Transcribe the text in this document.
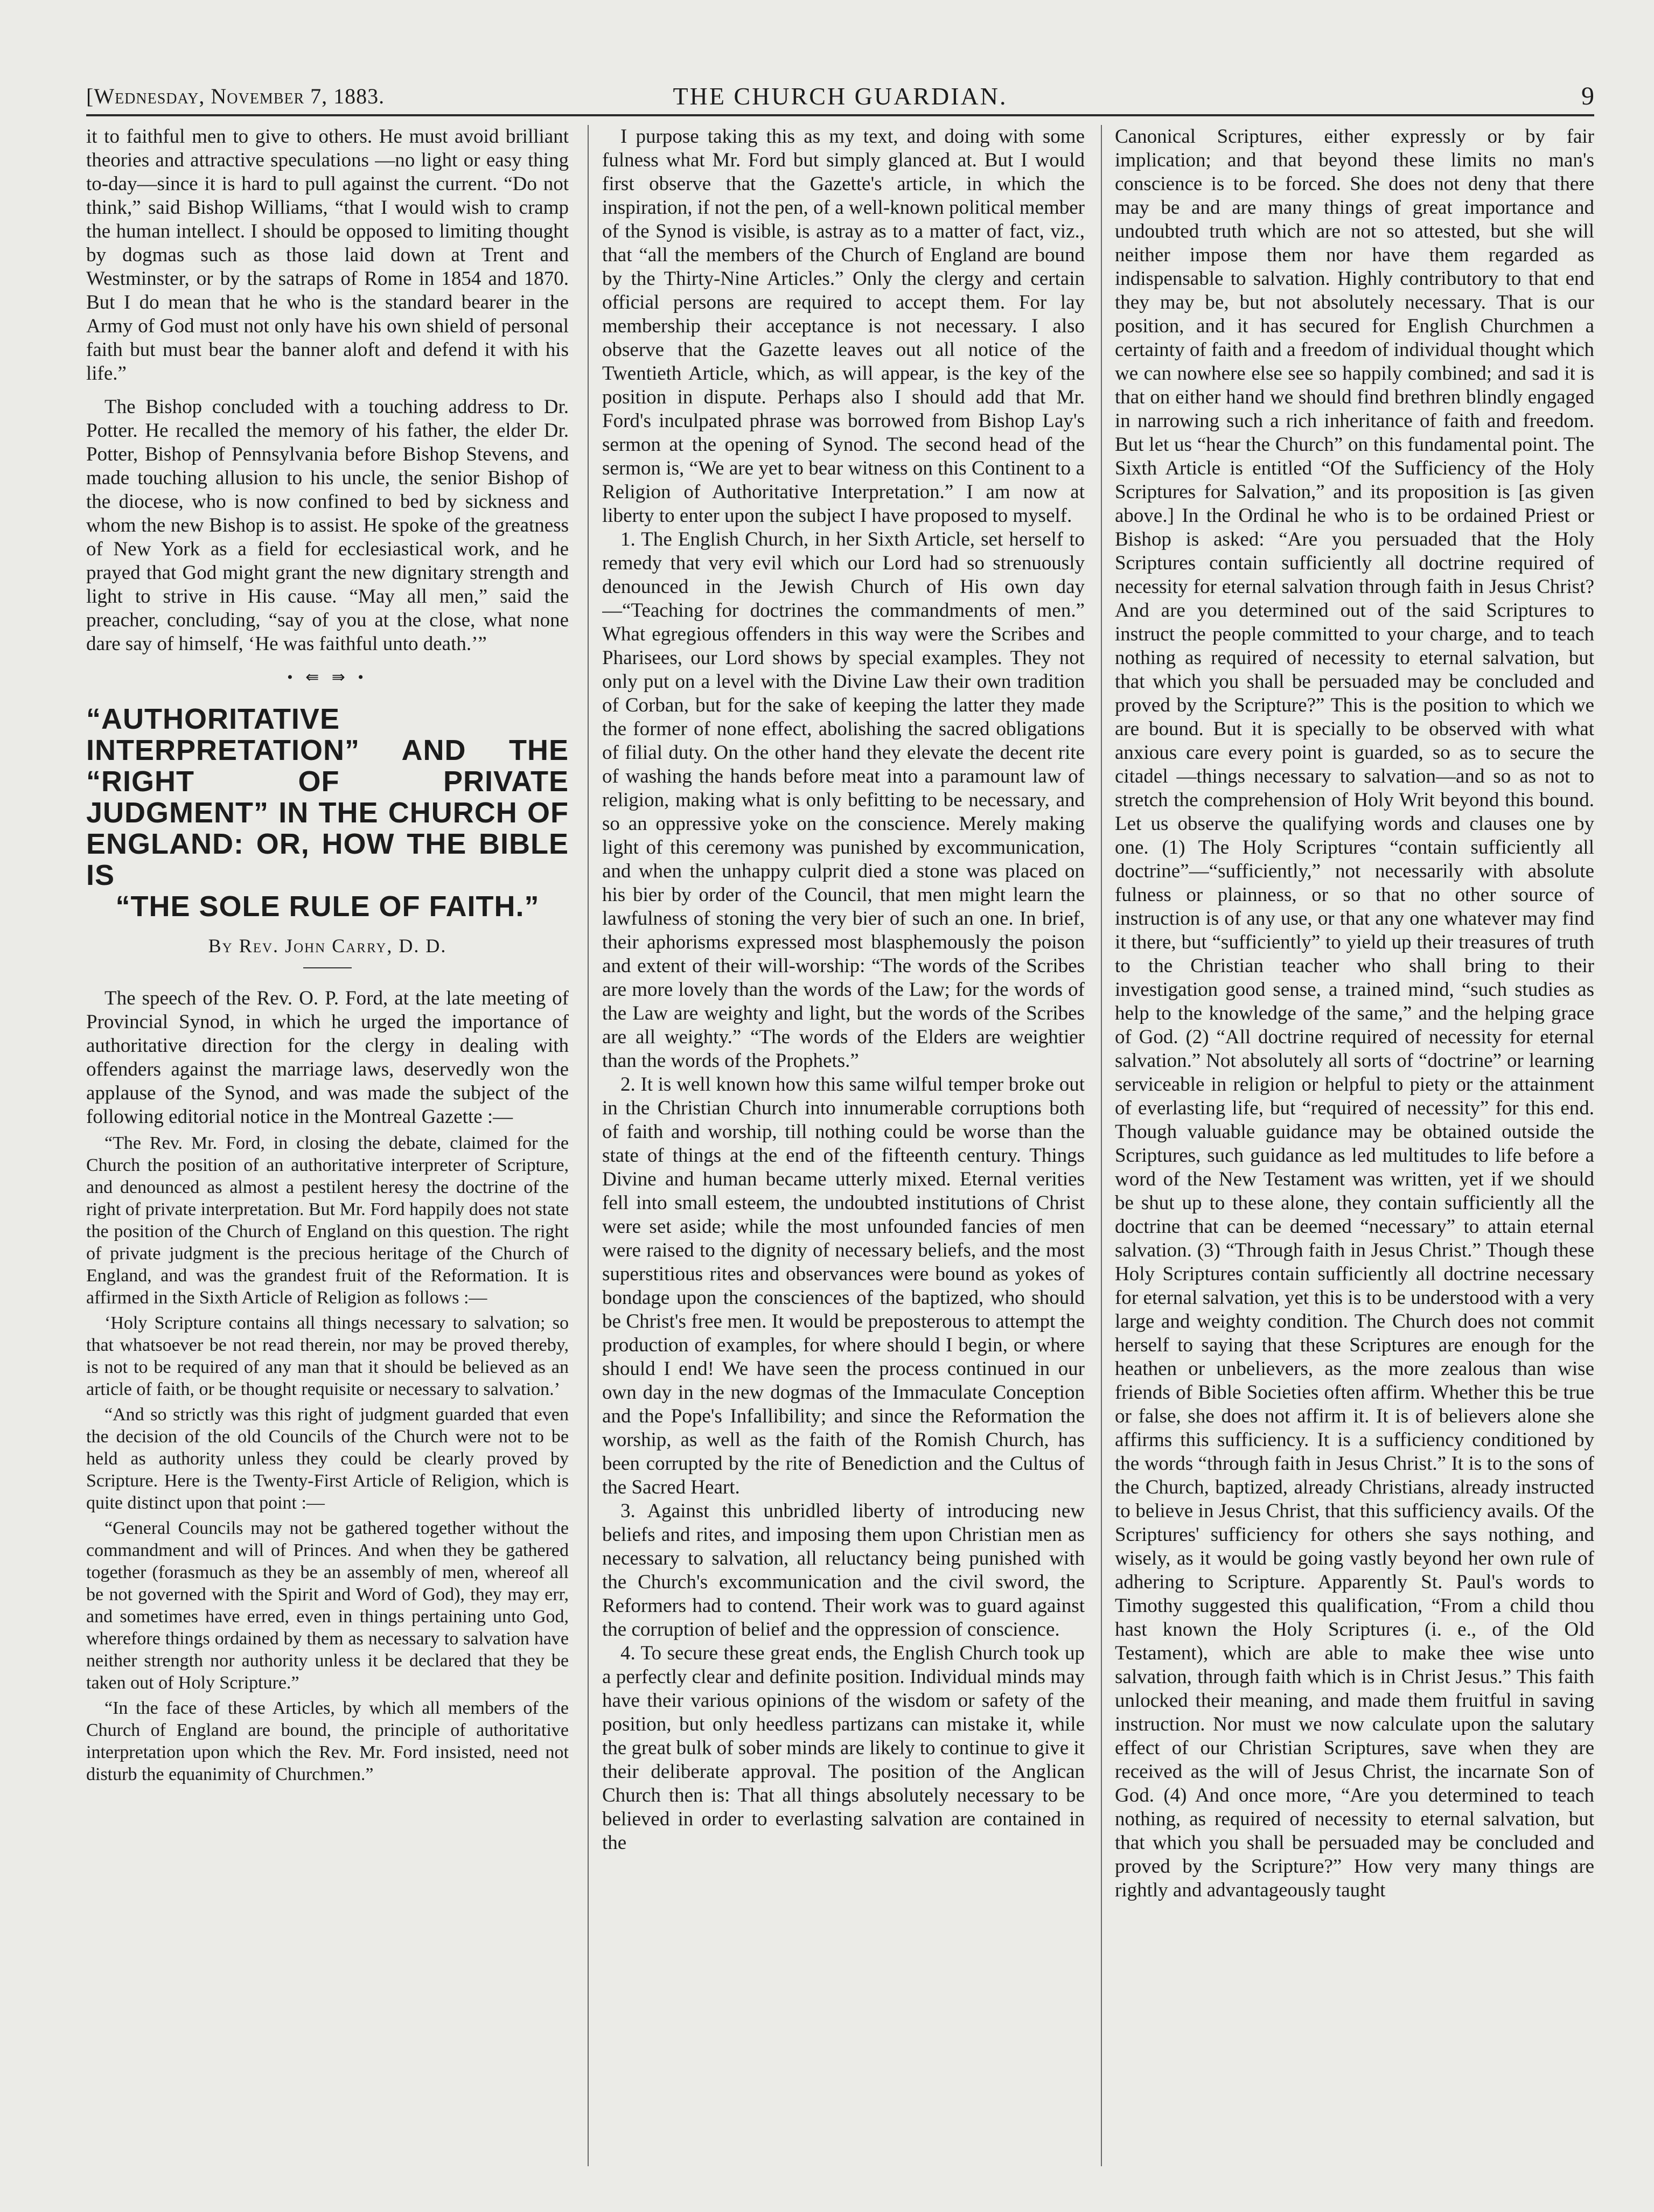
[Wednesday, November 7, 1883.	THE CHURCH GUARDIAN.	9

it to faithful men to give to others. He must avoid brilliant theories and attractive speculations —no light or easy thing to-day—since it is hard to pull against the current. “Do not think,” said Bishop Williams, “that I would wish to cramp the human intellect. I should be opposed to limiting thought by dogmas such as those laid down at Trent and Westminster, or by the satraps of Rome in 1854 and 1870. But I do mean that he who is the standard bearer in the Army of God must not only have his own shield of personal faith but must bear the banner aloft and defend it with his life.”

The Bishop concluded with a touching address to Dr. Potter. He recalled the memory of his father, the elder Dr. Potter, Bishop of Pennsylvania before Bishop Stevens, and made touching allusion to his uncle, the senior Bishop of the diocese, who is now confined to bed by sickness and whom the new Bishop is to assist. He spoke of the greatness of New York as a field for ecclesiastical work, and he prayed that God might grant the new dignitary strength and light to strive in His cause. “May all men,” said the preacher, concluding, “say of you at the close, what none dare say of himself, ‘He was faithful unto death.’”

• ⇚ ⇛ •
“AUTHORITATIVE INTERPRETATION” AND THE “RIGHT OF PRIVATE JUDGMENT” IN THE CHURCH OF ENGLAND: OR, HOW THE BIBLE IS
“THE SOLE RULE OF FAITH.”
By Rev. John Carry, D. D.

The speech of the Rev. O. P. Ford, at the late meeting of Provincial Synod, in which he urged the importance of authoritative direction for the clergy in dealing with offenders against the marriage laws, deservedly won the applause of the Synod, and was made the subject of the following editorial notice in the Montreal Gazette :—

“The Rev. Mr. Ford, in closing the debate, claimed for the Church the position of an authoritative interpreter of Scripture, and denounced as almost a pestilent heresy the doctrine of the right of private interpretation. But Mr. Ford happily does not state the position of the Church of England on this question. The right of private judgment is the precious heritage of the Church of England, and was the grandest fruit of the Reformation. It is affirmed in the Sixth Article of Religion as follows :—

‘Holy Scripture contains all things necessary to salvation; so that whatsoever be not read therein, nor may be proved thereby, is not to be required of any man that it should be believed as an article of faith, or be thought requisite or necessary to salvation.’

“And so strictly was this right of judgment guarded that even the decision of the old Councils of the Church were not to be held as authority unless they could be clearly proved by Scripture. Here is the Twenty-First Article of Religion, which is quite distinct upon that point :—

“General Councils may not be gathered together without the commandment and will of Princes. And when they be gathered together (forasmuch as they be an assembly of men, whereof all be not governed with the Spirit and Word of God), they may err, and sometimes have erred, even in things pertaining unto God, wherefore things ordained by them as necessary to salvation have neither strength nor authority unless it be declared that they be taken out of Holy Scripture.”

“In the face of these Articles, by which all members of the Church of England are bound, the principle of authoritative interpretation upon which the Rev. Mr. Ford insisted, need not disturb the equanimity of Churchmen.”

I purpose taking this as my text, and doing with some fulness what Mr. Ford but simply glanced at. But I would first observe that the Gazette's article, in which the inspiration, if not the pen, of a well-known political member of the Synod is visible, is astray as to a matter of fact, viz., that “all the members of the Church of England are bound by the Thirty-Nine Articles.” Only the clergy and certain official persons are required to accept them. For lay membership their acceptance is not necessary. I also observe that the Gazette leaves out all notice of the Twentieth Article, which, as will appear, is the key of the position in dispute. Perhaps also I should add that Mr. Ford's inculpated phrase was borrowed from Bishop Lay's sermon at the opening of Synod. The second head of the sermon is, “We are yet to bear witness on this Continent to a Religion of Authoritative Interpretation.” I am now at liberty to enter upon the subject I have proposed to myself.

1. The English Church, in her Sixth Article, set herself to remedy that very evil which our Lord had so strenuously denounced in the Jewish Church of His own day—“Teaching for doctrines the commandments of men.” What egregious offenders in this way were the Scribes and Pharisees, our Lord shows by special examples. They not only put on a level with the Divine Law their own tradition of Corban, but for the sake of keeping the latter they made the former of none effect, abolishing the sacred obligations of filial duty. On the other hand they elevate the decent rite of washing the hands before meat into a paramount law of religion, making what is only befitting to be necessary, and so an oppressive yoke on the conscience. Merely making light of this ceremony was punished by excommunication, and when the unhappy culprit died a stone was placed on his bier by order of the Council, that men might learn the lawfulness of stoning the very bier of such an one. In brief, their aphorisms expressed most blasphemously the poison and extent of their will-worship: “The words of the Scribes are more lovely than the words of the Law; for the words of the Law are weighty and light, but the words of the Scribes are all weighty.” “The words of the Elders are weightier than the words of the Prophets.”

2. It is well known how this same wilful temper broke out in the Christian Church into innumerable corruptions both of faith and worship, till nothing could be worse than the state of things at the end of the fifteenth century. Things Divine and human became utterly mixed. Eternal verities fell into small esteem, the undoubted institutions of Christ were set aside; while the most unfounded fancies of men were raised to the dignity of necessary beliefs, and the most superstitious rites and observances were bound as yokes of bondage upon the consciences of the baptized, who should be Christ's free men. It would be preposterous to attempt the production of examples, for where should I begin, or where should I end! We have seen the process continued in our own day in the new dogmas of the Immaculate Conception and the Pope's Infallibility; and since the Reformation the worship, as well as the faith of the Romish Church, has been corrupted by the rite of Benediction and the Cultus of the Sacred Heart.

3. Against this unbridled liberty of introducing new beliefs and rites, and imposing them upon Christian men as necessary to salvation, all reluctancy being punished with the Church's excommunication and the civil sword, the Reformers had to contend. Their work was to guard against the corruption of belief and the oppression of conscience.

4. To secure these great ends, the English Church took up a perfectly clear and definite position. Individual minds may have their various opinions of the wisdom or safety of the position, but only heedless partizans can mistake it, while the great bulk of sober minds are likely to continue to give it their deliberate approval. The position of the Anglican Church then is: That all things absolutely necessary to be believed in order to everlasting salvation are contained in the

Canonical Scriptures, either expressly or by fair implication; and that beyond these limits no man's conscience is to be forced. She does not deny that there may be and are many things of great importance and undoubted truth which are not so attested, but she will neither impose them nor have them regarded as indispensable to salvation. Highly contributory to that end they may be, but not absolutely necessary. That is our position, and it has secured for English Churchmen a certainty of faith and a freedom of individual thought which we can nowhere else see so happily combined; and sad it is that on either hand we should find brethren blindly engaged in narrowing such a rich inheritance of faith and freedom. But let us “hear the Church” on this fundamental point. The Sixth Article is entitled “Of the Sufficiency of the Holy Scriptures for Salvation,” and its proposition is [as given above.] In the Ordinal he who is to be ordained Priest or Bishop is asked: “Are you persuaded that the Holy Scriptures contain sufficiently all doctrine required of necessity for eternal salvation through faith in Jesus Christ? And are you determined out of the said Scriptures to instruct the people committed to your charge, and to teach nothing as required of necessity to eternal salvation, but that which you shall be persuaded may be concluded and proved by the Scripture?” This is the position to which we are bound. But it is specially to be observed with what anxious care every point is guarded, so as to secure the citadel —things necessary to salvation—and so as not to stretch the comprehension of Holy Writ beyond this bound. Let us observe the qualifying words and clauses one by one. (1) The Holy Scriptures “contain sufficiently all doctrine”—“sufficiently,” not necessarily with absolute fulness or plainness, or so that no other source of instruction is of any use, or that any one whatever may find it there, but “sufficiently” to yield up their treasures of truth to the Christian teacher who shall bring to their investigation good sense, a trained mind, “such studies as help to the knowledge of the same,” and the helping grace of God. (2) “All doctrine required of necessity for eternal salvation.” Not absolutely all sorts of “doctrine” or learning serviceable in religion or helpful to piety or the attainment of everlasting life, but “required of necessity” for this end. Though valuable guidance may be obtained outside the Scriptures, such guidance as led multitudes to life before a word of the New Testament was written, yet if we should be shut up to these alone, they contain sufficiently all the doctrine that can be deemed “necessary” to attain eternal salvation. (3) “Through faith in Jesus Christ.” Though these Holy Scriptures contain sufficiently all doctrine necessary for eternal salvation, yet this is to be understood with a very large and weighty condition. The Church does not commit herself to saying that these Scriptures are enough for the heathen or unbelievers, as the more zealous than wise friends of Bible Societies often affirm. Whether this be true or false, she does not affirm it. It is of believers alone she affirms this sufficiency. It is a sufficiency conditioned by the words “through faith in Jesus Christ.” It is to the sons of the Church, baptized, already Christians, already instructed to believe in Jesus Christ, that this sufficiency avails. Of the Scriptures' sufficiency for others she says nothing, and wisely, as it would be going vastly beyond her own rule of adhering to Scripture. Apparently St. Paul's words to Timothy suggested this qualification, “From a child thou hast known the Holy Scriptures (i. e., of the Old Testament), which are able to make thee wise unto salvation, through faith which is in Christ Jesus.” This faith unlocked their meaning, and made them fruitful in saving instruction. Nor must we now calculate upon the salutary effect of our Christian Scriptures, save when they are received as the will of Jesus Christ, the incarnate Son of God. (4) And once more, “Are you determined to teach nothing, as required of necessity to eternal salvation, but that which you shall be persuaded may be concluded and proved by the Scripture?” How very many things are rightly and advantageously taught
